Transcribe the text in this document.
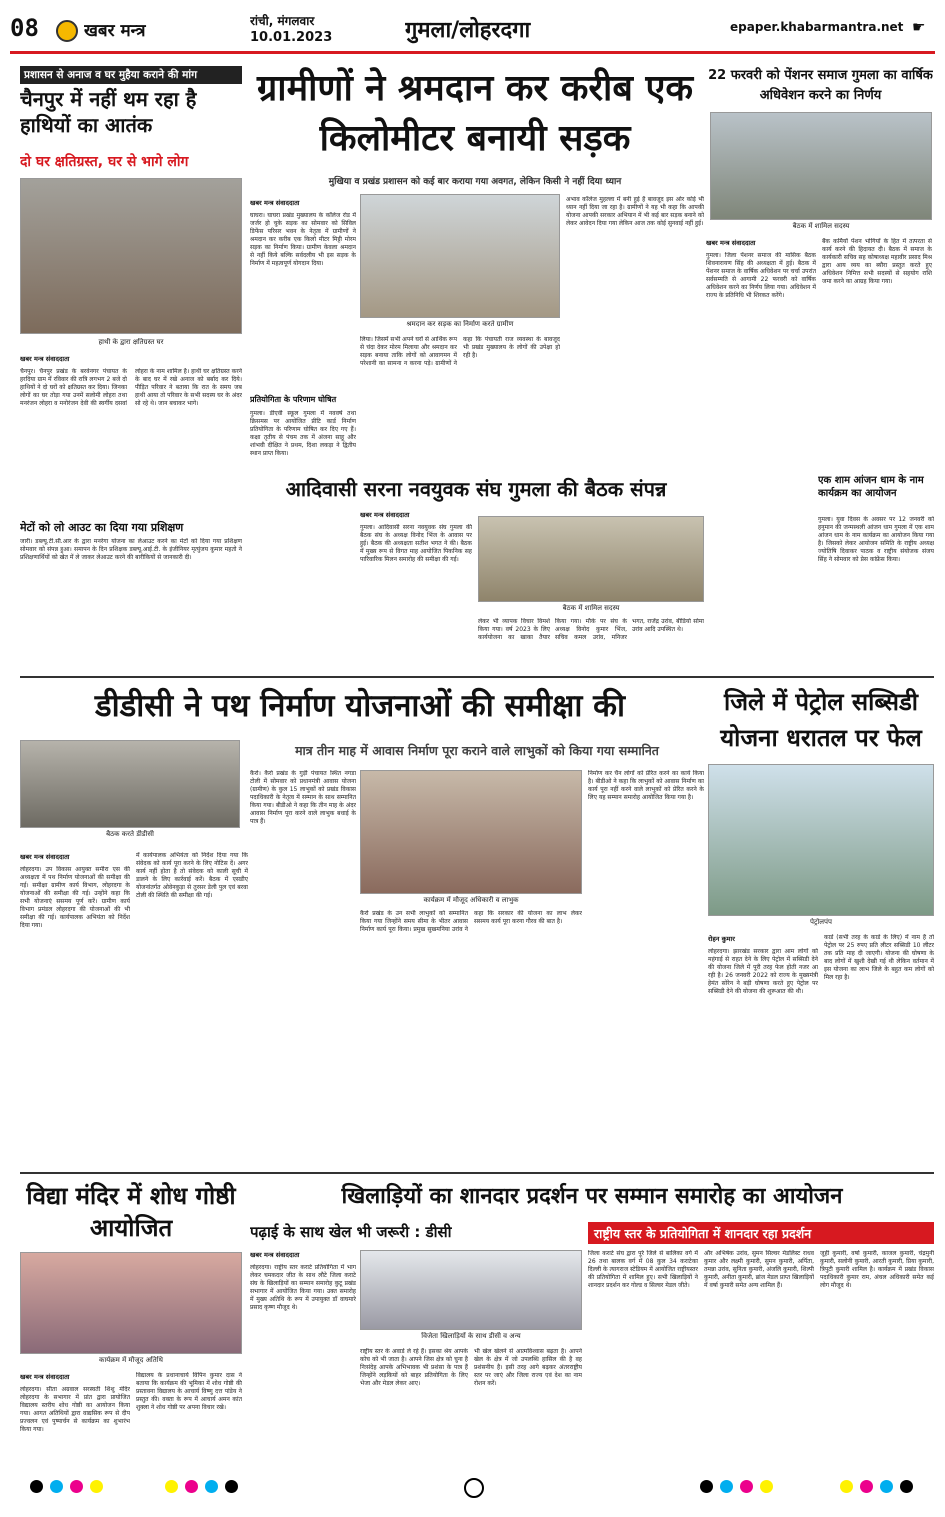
08	खबर मन्त्र	रांची, मंगलवार
10.01.2023	गुमला/लोहरदगा	epaper.khabarmantra.net ☛
प्रशासन से अनाज व घर मुहैया कराने की मांग
चैनपुर में नहीं थम रहा है हाथियों का आतंक
दो घर क्षतिग्रस्त, घर से भागे लोग
हाथी के द्वारा क्षतिग्रस्त घर
खबर मन्त्र संवाददाता
चैनपुर। चैनपुर प्रखंड के बरवेनगर पंचायत के हरदिया ग्राम में रविवार की रात्रि लगभग 2 बजे दो हाथियों ने दो घरों को क्षतिग्रस्त कर दिया। जिनका लोगों का घर तोड़ा गया उनमें सलोमी लोहरा तथा मनरंजन लोहरा व मनोरंजन देवी की स्वर्गीय दसवां लोहरा के नाम शामिल है। हाथी घर क्षतिग्रस्त करने के बाद घर में रखे अनाज को बर्बाद कर दिये। पीड़ित परिवार ने बताया कि रात के समय जब हाथी आया तो परिवार के सभी सदस्य घर के अंदर सो रहे थे। जान बचाकर भागे।
मेटों को लाे आउट का दिया गया प्रशिक्षण
जारी। डब्ल्यू.टी.सी.आर के द्वारा मनरेगा योजना का लेआउट करने का मेटों को दिया गया प्रशिक्षण सोमवार को संपन्न हुआ। समापन के दिन प्रशिक्षक डब्ल्यू.आई.टी. के इंजीनियर मृत्युंजय कुमार महतो ने प्रशिक्षणार्थियों को खेत में ले जाकर लेआउट करने की बारीकियों से जानकारी दी।
ग्रामीणों ने श्रमदान कर करीब एक किलोमीटर बनायी सड़क
मुखिया व प्रखंड प्रशासन को कई बार कराया गया अवगत, लेकिन किसी ने नहीं दिया ध्यान
खबर मन्त्र संवाददाता
घाघरा। घाघरा प्रखंड मुख्यालय के कॉलेज रोड में जर्जर हो चुके सड़क का सोमवार को सिविल डिफेंस परिसर भवन के नेतृत्व में ग्रामीणों ने श्रमदान कर करीब एक किलो मीटर मिट्टी मोरम सड़क का निर्माण किया। ग्रामीण केवला श्रमदान से नहीं किये बल्कि सर्वदलीय भी इस सड़क के निर्माण में महत्वपूर्ण योगदान दिया।
प्रतियोगिता के परिणाम घोषित
गुमला। डीएवी स्कूल गुमला में नववर्ष तथा क्रिसमस पर आयोजित प्रीटि कार्ड निर्माण प्रतियोगिता के परिणाम घोषित कर दिए गए हैं। कक्षा तृतीय से पंचम तक में अंजना साहू और शांभवी दीक्षित ने प्रथम, दिशा लकड़ा ने द्वितीय स्थान प्राप्त किया।
श्रमदान कर सड़क का निर्माण करते ग्रामीण
लिया। जिसमें सभी अपने घरों से आर्थिक रूप से चंदा देकर मोरम मिलाया और श्रमदान कर सड़क बनाया ताकि लोगों को आवागमन में परेशानी का सामना न करना पड़े। ग्रामीणों ने कहा कि पंचायती राज व्यवस्था के बावजूद भी प्रखंड मुख्यालय के लोगों की उपेक्षा हो रही है।
अभाव कॉलेज मुहल्ला में बनी हुई है बावजूद इस ओर कोई भी ध्यान नहीं दिया जा रहा है। ग्रामीणों ने यह भी कहा कि आपकी योजना आपकी सरकार अभियान में भी कई बार सड़क बनाने को लेकर आवेदन दिया गया लेकिन आज तक कोई सुनवाई नहीं हुई।
22 फरवरी को पेंशनर समाज गुमला का वार्षिक अधिवेशन करने का निर्णय
बैठक में शामिल सदस्य
खबर मन्त्र संवाददाता
गुमला। जिला पेंशनर समाज की मासिक बैठक शिवनारायण सिंह की अध्यक्षता में हुई। बैठक में पेंशनर समाज के वार्षिक अधिवेशन पर चर्चा उपरांत सर्वसम्मति से आगामी 22 फरवरी को वार्षिक अधिवेशन करने का निर्णय लिया गया। अधिवेशन में राज्य के प्रतिनिधि भी शिरकत करेंगे।
बैंक कर्मियों पेंशन भोगियों के हित में तत्परता से कार्य करने की हिदायत दी। बैठक में समाज के कार्यकारी सचिव सह कोषाध्यक्ष महावीर प्रसाद मिश्र द्वारा आय व्यय का ब्यौरा प्रस्तुत करते हुए अधिवेशन निमित्त सभी सदस्यों से सहयोग राशि जमा करने का आग्रह किया गया।
आदिवासी सरना नवयुवक संघ गुमला की बैठक संपन्न
खबर मन्त्र संवाददाता
गुमला। आदिवासी सरना नवयुवक संघ गुमला की बैठक संघ के अध्यक्ष विनोद भिंज के आवास पर हुई। बैठक की अध्यक्षता सतीश भगत ने की। बैठक में मुख्य रूप से विगत माह आयोजित पिकनिक सह पारिवारिक मिलन समारोह की समीक्षा की गई।
बैठक में शामिल सदस्य
लेकर भी व्यापक विचार विमर्श किया गया। वर्ष 2023 के लिए कार्ययोजना का खाका तैयार किया गया। मौके पर संघ के अध्यक्ष विनोद कुमार भिंज, सचिव कमल उरांव, मनिजर भगत, राजेंद्र उरांव, बीडियो सोमा उरांव आदि उपस्थित थे।
एक शाम आंजन धाम के नाम कार्यक्रम का आयोजन
गुमला। युवा दिवस के अवसर पर 12 जनवरी को हनुमान की जन्मस्थली आंजन धाम गुमला में एक शाम आंजन धाम के नाम कार्यक्रम का आयोजन किया गया है। जिसको लेकर आयोजन समिति के राष्ट्रीय अध्यक्ष ज्योतिषि दिवाकर पाठक व राष्ट्रीय संयोजक संजय सिंह ने सोमवार को प्रेस कांफ्रेंस किया।
डीडीसी ने पथ निर्माण योजनाओं की समीक्षा की
बैठक करते डीडीसी
खबर मन्त्र संवाददाता
लोहरदगा। उप विकास आयुक्त समीरा एस की अध्यक्षता में पथ निर्माण योजनाओं की समीक्षा की गई। समीक्षा ग्रामीण कार्य विभाग, लोहरदगा के योजनाओं की समीक्षा की गई। उन्होंने कहा कि सभी योजनाएं ससमय पूर्ण करें। ग्रामीण कार्य विभाग प्रमंडल लोहरदगा की योजनाओं की भी समीक्षा की गई। कार्यपालक अभियंता को निर्देश दिया गया।
में कार्यपालक अभियंता को निर्देश दिया गया कि संवेदक को कार्य पूरा करने के लिए नोटिस दें। अगर कार्य नहीं होता है तो संवेदक को काली सूची में डालने के लिए कार्रवाई करें। बैठक में एसडीए योजनांतर्गत ओवेनकुड़ा से तुरसर डेली पुल एवं बरवा टोली की स्थिति की समीक्षा की गई।
मात्र तीन माह में आवास निर्माण पूरा कराने वाले लाभुकों को किया गया सम्मानित
कार्यक्रम में मौजूद अधिकारी व लाभुक
कैरो। कैरो प्रखंड के गुड़ी पंचायत स्थित नगडा टोली में सोमवार को प्रधानमंत्री आवास योजना (ग्रामीण) के कुल 15 लाभुकों को प्रखंड विकास पदाधिकारी के नेतृत्व में सम्मान के साथ सम्मानित किया गया। बीडीओ ने कहा कि तीन माह के अंदर आवास निर्माण पूरा करने वाले लाभुक बधाई के पात्र हैं।
कैरो प्रखंड के उन सभी लाभुकों को सम्मानित किया गया जिन्होंने समय सीमा के भीतर आवास निर्माण कार्य पूरा किया। प्रमुख सुखमनिया उरांव ने कहा कि सरकार की योजना का लाभ लेकर ससमय कार्य पूरा करना गौरव की बात है।
निर्माण कर चैन लोगों को प्रेरित करने का कार्य किया है। बीडीओ ने कहा कि लाभुकों को आवास निर्माण का कार्य पूरा नहीं करने वाले लाभुकों को प्रेरित करने के लिए यह सम्मान समारोह आयोजित किया गया है।
जिले में पेट्रोल सब्सिडी योजना धरातल पर फेल
पेट्रोलपंप
रोहन कुमार
लोहरदगा। झारखंड सरकार द्वारा आम लोगों को महंगाई से राहत देने के लिए पेट्रोल में सब्सिडी देने की योजना जिले में पूरी तरह फेल होती नजर आ रही है। 26 जनवरी 2022 को राज्य के मुख्यमंत्री हेमंत सोरेन ने बड़ी घोषणा करते हुए पेट्रोल पर सब्सिडी देने की योजना की शुरूआत की थी।
कार्ड (सभी तरह के कार्ड के लिए) में नाम है तो पेट्रोल पर 25 रुपए प्रति लीटर सब्सिडी 10 लीटर तक प्रति माह दी जाएगी। योजना की घोषणा के बाद लोगों में खुशी देखी गई थी लेकिन वर्तमान में इस योजना का लाभ जिले के बहुत कम लोगों को मिल रहा है।
विद्या मंदिर में शोध गोष्ठी आयोजित
कार्यक्रम में मौजूद अतिथि
खबर मन्त्र संवाददाता
लोहरदगा। सीता अग्रवाल सरस्वती शिशु मंदिर लोहरदगा के सभागार में प्रांत द्वारा प्रायोजित विद्यालय स्तरीय शोध गोष्ठी का आयोजन किया गया। आगत अतिथियों द्वारा वाद्यसिक रूप से दीप प्रज्वलन एवं पुष्पार्चन से कार्यक्रम का शुभारंभ किया गया।
विद्यालय के प्रधानाचार्य विपिन कुमार दास ने बताया कि कार्यक्रम की भूमिका में शोध गोष्ठी की प्रस्तावना विद्यालय के आचार्य विष्णु दत्त पांडेय ने प्रस्तुत की। वक्ता के रूप में आचार्य अमन कांत शुक्ला ने शोध गोष्ठी पर अपना विचार रखे।
खिलाड़ियों का शानदार प्रदर्शन पर सम्मान समारोह का आयोजन
पढ़ाई के साथ खेल भी जरूरी : डीसी	राष्ट्रीय स्तर के प्रतियोगिता में शानदार रहा प्रदर्शन
खबर मन्त्र संवाददाता
लोहरदगा। राष्ट्रीय स्तर कराटे प्रतियोगिता में भाग लेकर चमकदार जीत के साथ लौटे जिला कराटे संघ के खिलाड़ियों का सम्मान समारोह कुटू प्रखंड सभागार में आयोजित किया गया। उक्त समारोह में मुख्य अतिथि के रूप में उपायुक्त डॉ वाघमारे प्रसाद कृष्ण मौजूद थे।
विजेता खिलाड़ियों के साथ डीसी व अन्य
राष्ट्रीय स्तर के अवार्ड ले रहे हैं। इसका श्रेय आपके कोच को भी जाता है। आपने जिस क्षेत्र को चुना है निःसंदेह आपके अभिभावक भी प्रशंसा के पात्र हैं जिन्होंने लड़कियों को बाहर प्रतियोगिता के लिए भेजा और मेडल लेकर आए।
भी खेल खेलने से आत्मविश्वास बढ़ता है। आपने खेल के क्षेत्र में जो उपलब्धि हासिल की है वह प्रशंसनीय है। इसी तरह आगे बढ़कर अंतरराष्ट्रीय स्तर पर जाएं और जिला राज्य एवं देश का नाम रोशन करें।
जिला कराटे संघ द्वारा पूरे जिले से बालिका वर्ग में 26 तथा बालक वर्ग में 08 कुल 34 कराटेका दिल्ली के त्यागराज स्टेडियम में आयोजित राष्ट्रीयस्तर की प्रतियोगिता में शामिल हुए। सभी खिलाड़ियों ने शानदार प्रदर्शन कर गोल्ड व सिल्वर मेडल जीते।
और अभिषेक उरांव, सुमन सिल्वर मेडलिस्ट राधव कुमार और लक्ष्मी कुमारी, सुमन कुमारी, अर्पिता, तमन्ना उरांव, सुनिता कुमारी, अंजलि कुमारी, शिल्पी कुमारी, अनीता कुमारी, ब्रांज मेडल प्राप्त खिलाड़ियों में वर्षा कुमारी समेत अन्य शामिल हैं।
जूही कुमारी, वर्षा कुमारी, काजल कुमारी, चंद्रमुनी कुमारी, सलोनी कुमारी, आरती कुमारी, प्रिया कुमारी, त्रिपुटी कुमारी शामिल है। कार्यक्रम में प्रखंड विकास पदाधिकारी कुमार राम, अंचल अधिकारी समेत कई लोग मौजूद थे।
